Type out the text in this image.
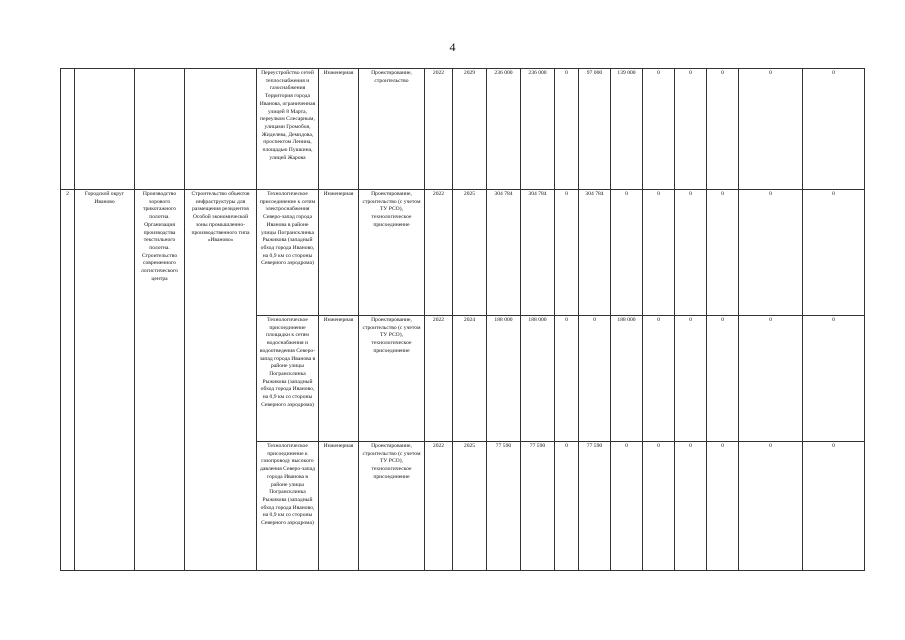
4
				Переустройство сетей теплоснабжения и газоснабжения Территория города Иванова, ограниченная улицей 8 Марта, переулком Слесарным, улицами Громобоя, Жиделева, Демидова, проспектом Ленина, площадью Пушкина, улицей Жарова	Инженерная	Проектирование, строительство	2022	2029	236 000	236 000	0	97 000	139 000	0	0	0	0	0
2	Городской округ Иваново	Производство хорового трикотажного полотна. Организация производства текстильного полотна. Строительство современного логистического центра	Строительство объектов инфраструктуры для размещения резидентов Особой экономической зоны промышленно-производственного типа «Иваново»	Технологическое присоединение к сетям электроснабжения Северо-запад города Иванова в районе улицы Погрансклинка Рыжикова (западный обход города Иваново, на 0,9 км со стороны Северного аэродрома)	Инженерная	Проектирование, строительство (с учетом ТУ РСО), технологическое присоединение	2022	2025	304 784	304 784	0	304 784	0	0	0	0	0	0
				Технологическое присоединение площадки к сетям водоснабжения и водоотведения Северо-запад города Иванова в районе улицы Погрансклинка Рыжикова (западный обход города Иваново, на 0,9 км со стороны Северного аэродрома)	Инженерная	Проектирование, строительство (с учетом ТУ РСО), технологическое присоединение	2022	2024	188 000	188 000	0	0	188 000	0	0	0	0	0
				Технологическое присоединение к газопроводу высокого давления Северо-запад города Иванова в районе улицы Погрансклинка Рыжикова (западный обход города Иваново, на 0,9 км со стороны Северного аэродрома)	Инженерная	Проектирование, строительство (с учетом ТУ РСО), технологическое присоединение	2022	2025	77 590	77 590	0	77 590	0	0	0	0	0	0
